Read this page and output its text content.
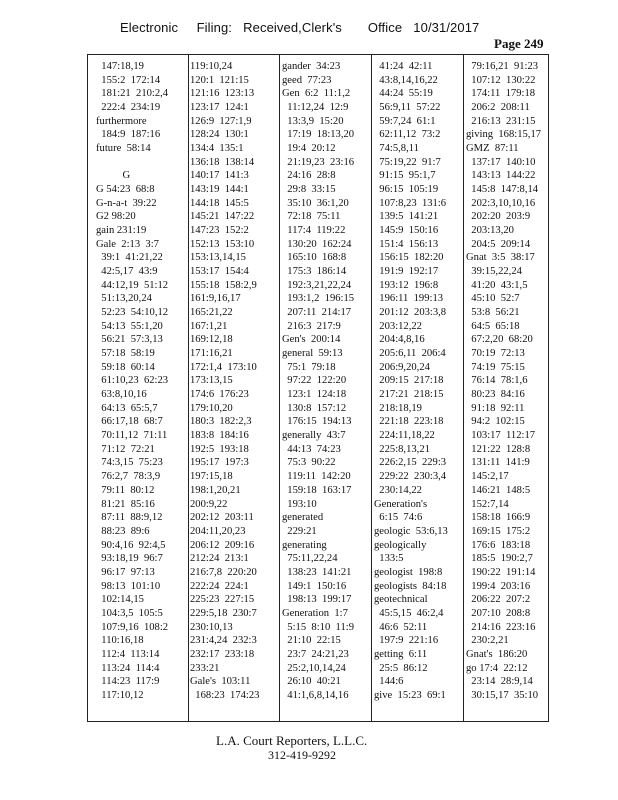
Electronic     Filing:   Received,Clerk's       Office   10/31/2017
Page 249
147:18,19
155:2  172:14
181:21  210:2,4
222:4  234:19
furthermore
184:9  187:16
future  58:14
G
G 54:23  68:8
G-n-a-t  39:22
G2 98:20
gain 231:19
Gale  2:13  3:7
39:1  41:21,22
42:5,17  43:9
44:12,19  51:12
51:13,20,24
52:23  54:10,12
54:13  55:1,20
56:21  57:3,13
57:18  58:19
59:18  60:14
61:10,23  62:23
63:8,10,16
64:13  65:5,7
66:17,18  68:7
70:11,12  71:11
71:12  72:21
74:3,15  75:23
76:2,7  78:3,9
79:11  80:12
81:21  85:16
87:11  88:9,12
88:23  89:6
90:4,16  92:4,5
93:18,19  96:7
96:17  97:13
98:13  101:10
102:14,15
104:3,5  105:5
107:9,16  108:2
110:16,18
112:4  113:14
113:24  114:4
114:23  117:9
117:10,12
119:10,24
120:1  121:15
121:16  123:13
123:17  124:1
126:9  127:1,9
128:24  130:1
134:4  135:1
136:18  138:14
140:17  141:3
143:19  144:1
144:18  145:5
145:21  147:22
147:23  152:2
152:13  153:10
153:13,14,15
153:17  154:4
155:18  158:2,9
161:9,16,17
165:21,22
167:1,21
169:12,18
171:16,21
172:1,4  173:10
173:13,15
174:6  176:23
179:10,20
180:3  182:2,3
183:8  184:16
192:5  193:18
195:17  197:3
197:15,18
198:1,20,21
200:9,22
202:12  203:11
204:11,20,23
206:12  209:16
212:24  213:1
216:7,8  220:20
222:24  224:1
225:23  227:15
229:5,18  230:7
230:10,13
231:4,24  232:3
232:17  233:18
233:21
Gale's  103:11
168:23  174:23
gander  34:23
geed  77:23
Gen  6:2  11:1,2
11:12,24  12:9
13:3,9  15:20
17:19  18:13,20
19:4  20:12
21:19,23  23:16
24:16  28:8
29:8  33:15
35:10  36:1,20
72:18  75:11
117:4  119:22
130:20  162:24
165:10  168:8
175:3  186:14
192:3,21,22,24
193:1,2  196:15
207:11  214:17
216:3  217:9
Gen's  200:14
general  59:13
75:1  79:18
97:22  122:20
123:1  124:18
130:8  157:12
176:15  194:13
generally  43:7
44:13  74:23
75:3  90:22
119:11  142:20
159:18  163:17
193:10
generated
229:21
generating
75:11,22,24
138:23  141:21
149:1  150:16
198:13  199:17
Generation  1:7
5:15  8:10  11:9
21:10  22:15
23:7  24:21,23
25:2,10,14,24
26:10  40:21
41:1,6,8,14,16
41:24  42:11
43:8,14,16,22
44:24  55:19
56:9,11  57:22
59:7,24  61:1
62:11,12  73:2
74:5,8,11
75:19,22  91:7
91:15  95:1,7
96:15  105:19
107:8,23  131:6
139:5  141:21
145:9  150:16
151:4  156:13
156:15  182:20
191:9  192:17
193:12  196:8
196:11  199:13
201:12  203:3,8
203:12,22
204:4,8,16
205:6,11  206:4
206:9,20,24
209:15  217:18
217:21  218:15
218:18,19
221:18  223:18
224:11,18,22
225:8,13,21
226:2,15  229:3
229:22  230:3,4
230:14,22
Generation's
6:15  74:6
geologic  53:6,13
geologically
133:5
geologist  198:8
geologists  84:18
geotechnical
45:5,15  46:2,4
46:6  52:11
197:9  221:16
getting  6:11
25:5  86:12
144:6
give  15:23  69:1
79:16,21  91:23
107:12  130:22
174:11  179:18
206:2  208:11
216:13  231:15
giving  168:15,17
GMZ  87:11
137:17  140:10
143:13  144:22
145:8  147:8,14
202:3,10,10,16
202:20  203:9
203:13,20
204:5  209:14
Gnat  3:5  38:17
39:15,22,24
41:20  43:1,5
45:10  52:7
53:8  56:21
64:5  65:18
67:2,20  68:20
70:19  72:13
74:19  75:15
76:14  78:1,6
80:23  84:16
91:18  92:11
94:2  102:15
103:17  112:17
121:22  128:8
131:11  141:9
145:2,17
146:21  148:5
152:7,14
158:18  166:9
169:15  175:2
176:6  183:18
185:5  190:2,7
190:22  191:14
199:4  203:16
206:22  207:2
207:10  208:8
214:16  223:16
230:2,21
Gnat's  186:20
go 17:4  22:12
23:14  28:9,14
30:15,17  35:10
L.A. Court Reporters, L.L.C.
312-419-9292
